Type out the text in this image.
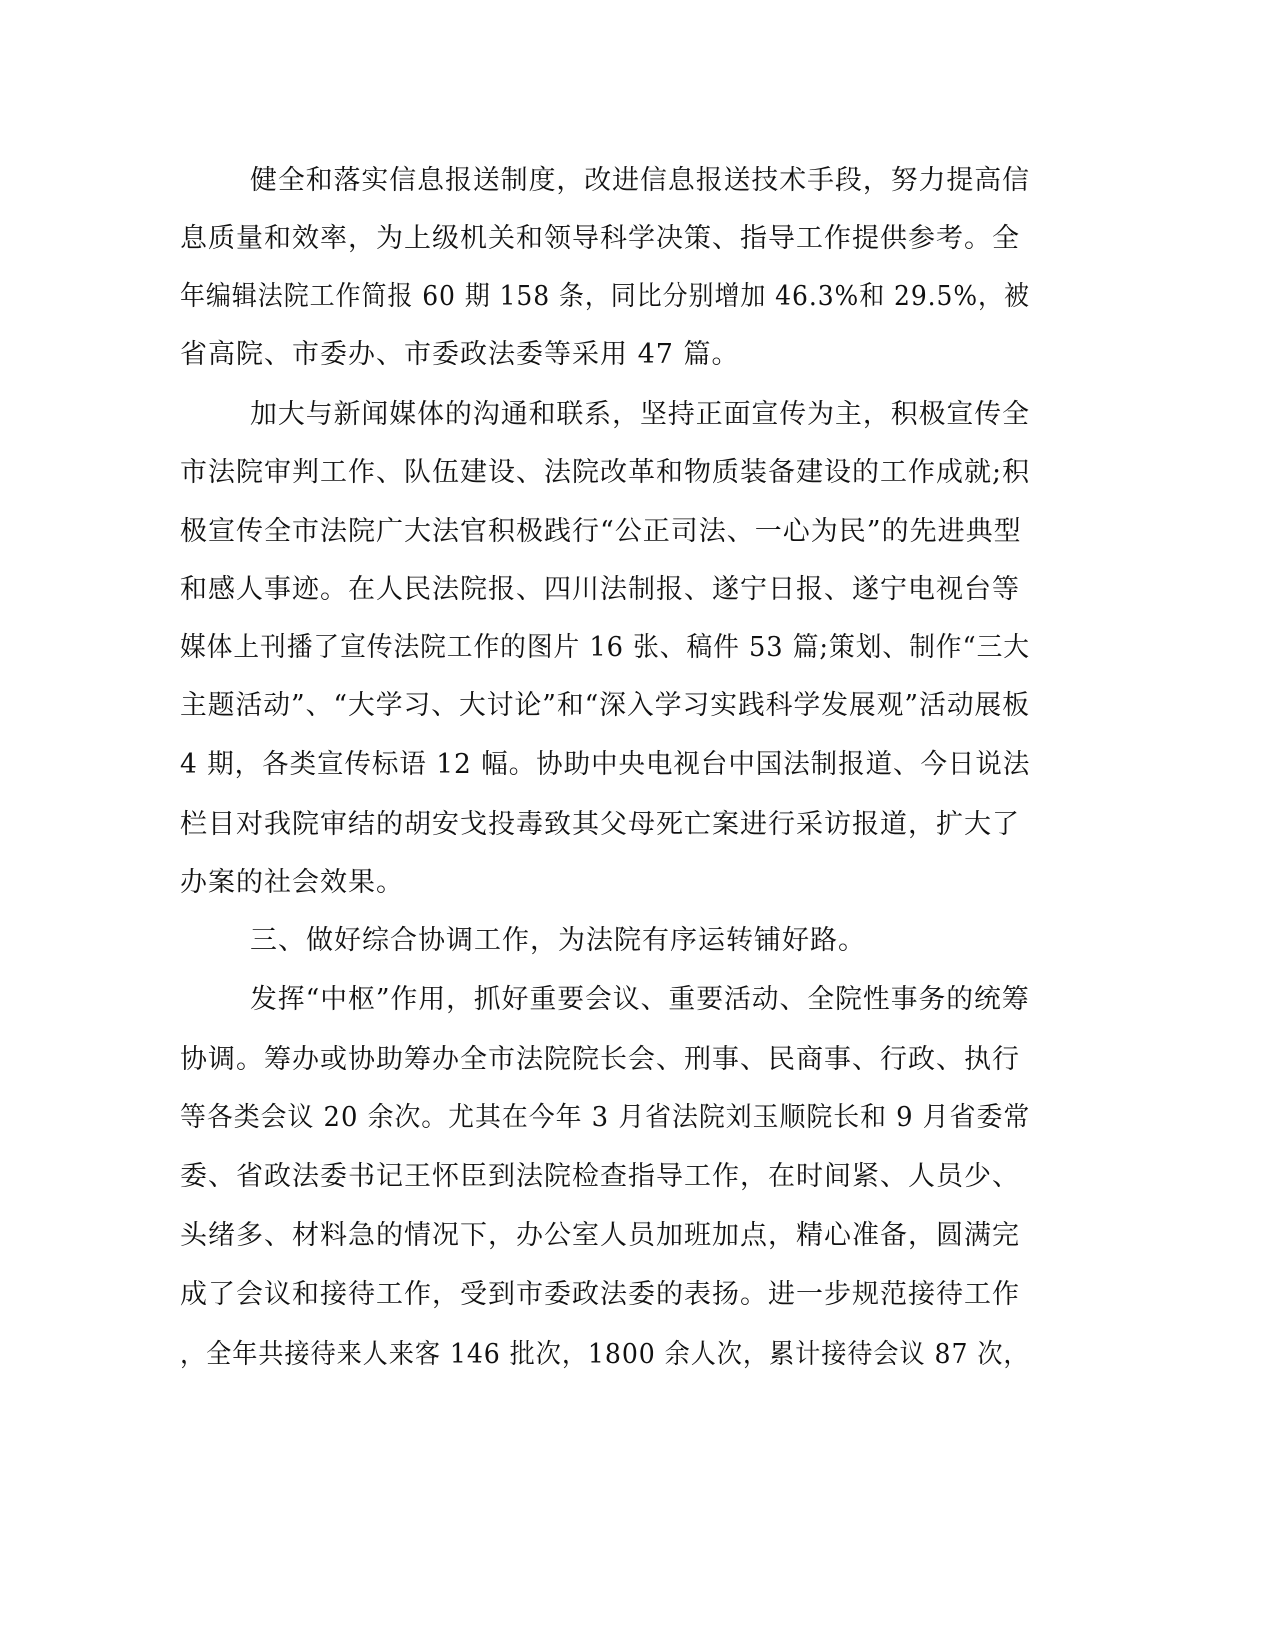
健全和落实信息报送制度，改进信息报送技术手段，努力提高信
息质量和效率，为上级机关和领导科学决策、指导工作提供参考。全
年编辑法院工作简报 60 期 158 条，同比分别增加 46.3%和 29.5%，被
省高院、市委办、市委政法委等采用 47 篇。
加大与新闻媒体的沟通和联系，坚持正面宣传为主，积极宣传全
市法院审判工作、队伍建设、法院改革和物质装备建设的工作成就;积
极宣传全市法院广大法官积极践行“公正司法、一心为民”的先进典型
和感人事迹。在人民法院报、四川法制报、遂宁日报、遂宁电视台等
媒体上刊播了宣传法院工作的图片 16 张、稿件 53 篇;策划、制作“三大
主题活动”、“大学习、大讨论”和“深入学习实践科学发展观”活动展板
4 期，各类宣传标语 12 幅。协助中央电视台中国法制报道、今日说法
栏目对我院审结的胡安戈投毒致其父母死亡案进行采访报道，扩大了
办案的社会效果。
三、做好综合协调工作，为法院有序运转铺好路。
发挥“中枢”作用，抓好重要会议、重要活动、全院性事务的统筹
协调。筹办或协助筹办全市法院院长会、刑事、民商事、行政、执行
等各类会议 20 余次。尤其在今年 3 月省法院刘玉顺院长和 9 月省委常
委、省政法委书记王怀臣到法院检查指导工作，在时间紧、人员少、
头绪多、材料急的情况下，办公室人员加班加点，精心准备，圆满完
成了会议和接待工作，受到市委政法委的表扬。进一步规范接待工作
，全年共接待来人来客 146 批次，1800 余人次，累计接待会议 87 次，
